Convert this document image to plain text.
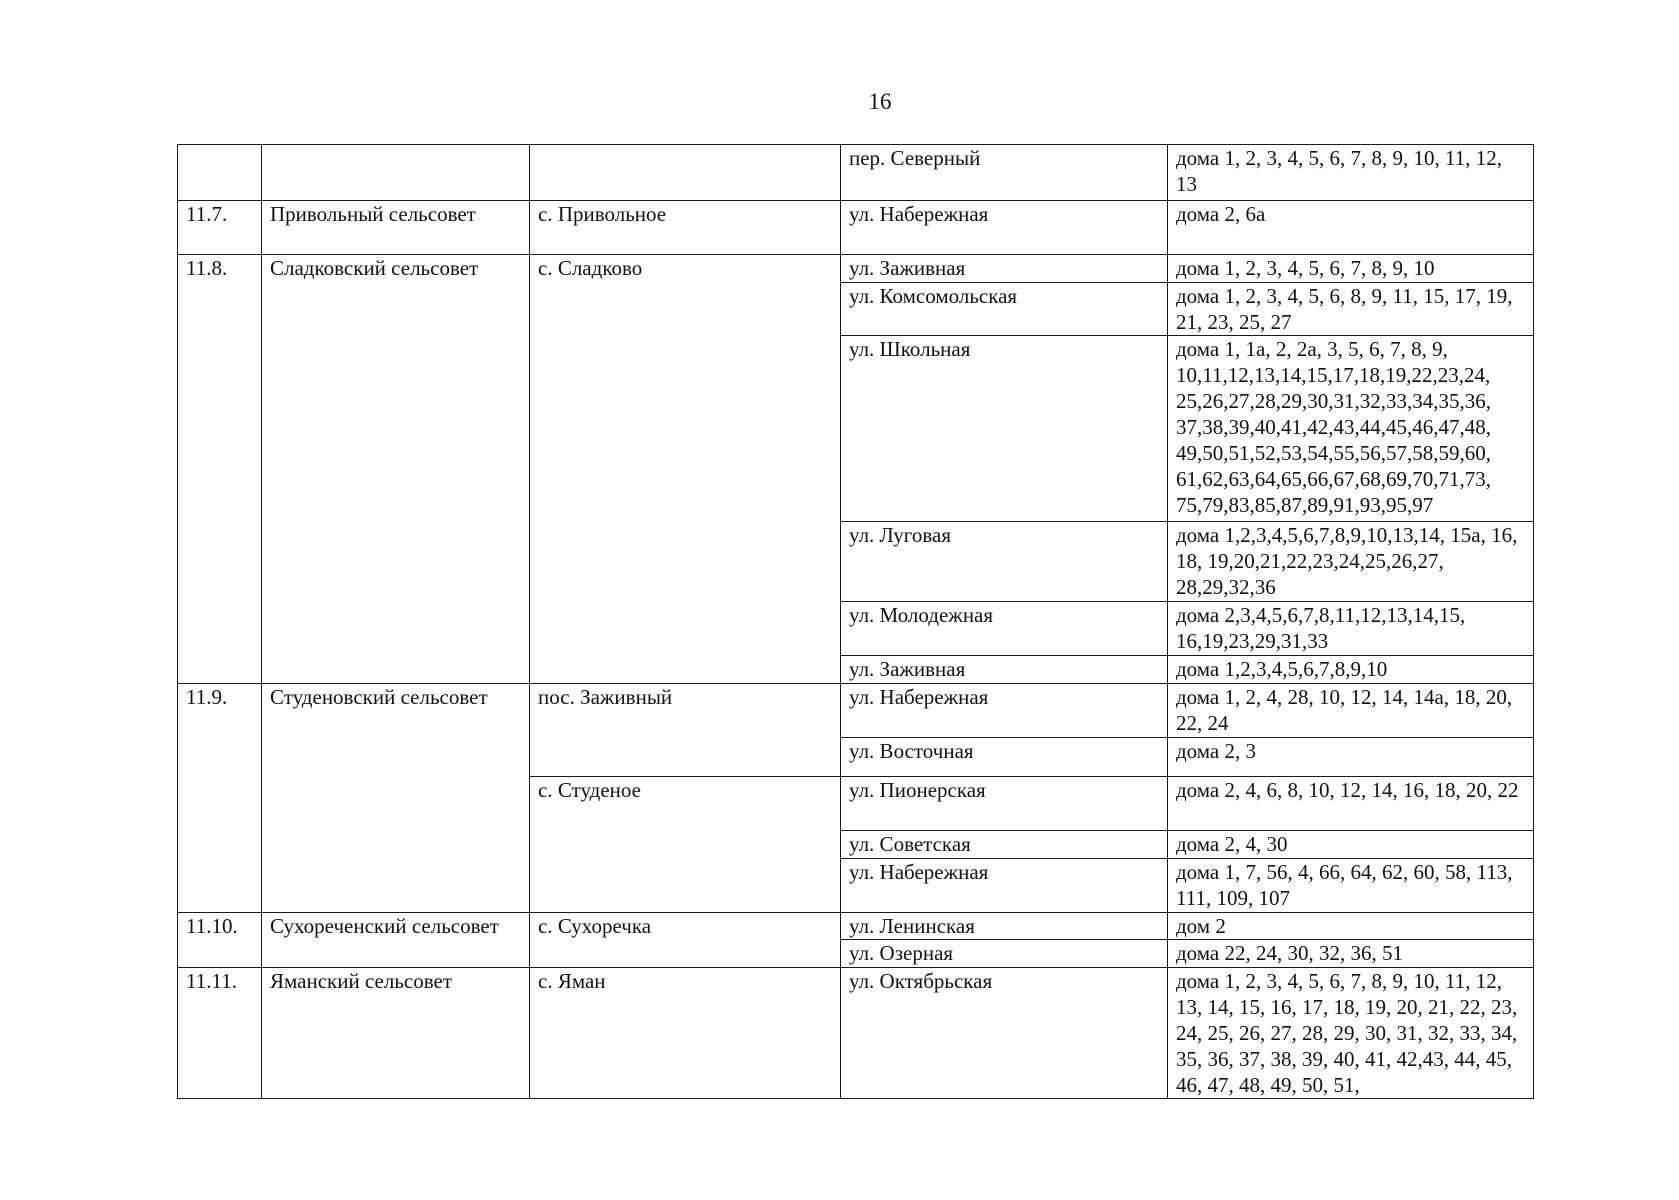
16
			пер. Северный	дома 1, 2, 3, 4, 5, 6, 7, 8, 9, 10, 11, 12, 13
11.7.	Привольный сельсовет	с. Привольное	ул. Набережная	дома 2, 6а
11.8.	Сладковский сельсовет	с. Сладково	ул. Заживная	дома 1, 2, 3, 4, 5, 6, 7, 8, 9, 10
			ул. Комсомольская	дома 1, 2, 3, 4, 5, 6, 8, 9, 11, 15, 17, 19, 21, 23, 25, 27
			ул. Школьная	дома 1, 1а, 2, 2а, 3, 5, 6, 7, 8, 9, 10,11,12,13,14,15,17,18,19,22,23,24, 25,26,27,28,29,30,31,32,33,34,35,36, 37,38,39,40,41,42,43,44,45,46,47,48, 49,50,51,52,53,54,55,56,57,58,59,60, 61,62,63,64,65,66,67,68,69,70,71,73, 75,79,83,85,87,89,91,93,95,97
			ул. Луговая	дома 1,2,3,4,5,6,7,8,9,10,13,14, 15а, 16, 18, 19,20,21,22,23,24,25,26,27, 28,29,32,36
			ул. Молодежная	дома 2,3,4,5,6,7,8,11,12,13,14,15, 16,19,23,29,31,33
			ул. Заживная	дома 1,2,3,4,5,6,7,8,9,10
11.9.	Студеновский сельсовет	пос. Заживный	ул. Набережная	дома 1, 2, 4, 28, 10, 12, 14, 14а, 18, 20, 22, 24
			ул. Восточная	дома 2, 3
		с. Студеное	ул. Пионерская	дома 2, 4, 6, 8, 10, 12, 14, 16, 18, 20, 22
			ул. Советская	дома 2, 4, 30
			ул. Набережная	дома 1, 7, 56, 4, 66, 64, 62, 60, 58, 113, 111, 109, 107
11.10.	Сухореченский сельсовет	с. Сухоречка	ул. Ленинская	дом 2
			ул. Озерная	дома 22, 24, 30, 32, 36, 51
11.11.	Яманский сельсовет	с. Яман	ул. Октябрьская	дома 1, 2, 3, 4, 5, 6, 7, 8, 9, 10, 11, 12, 13, 14, 15, 16, 17, 18, 19, 20, 21, 22, 23, 24, 25, 26, 27, 28, 29, 30, 31, 32, 33, 34, 35, 36, 37, 38, 39, 40, 41, 42,43, 44, 45, 46, 47, 48, 49, 50, 51,
